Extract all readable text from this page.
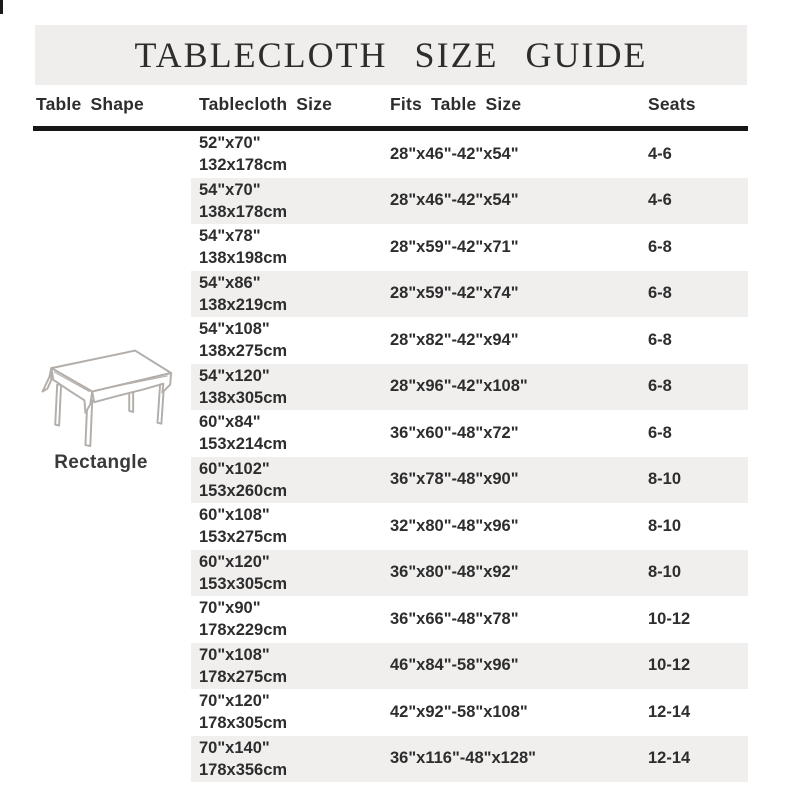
TABLECLOTH SIZE GUIDE
Table Shape	Tablecloth Size	Fits Table Size	Seats
52"x70"
132x178cm
28"x46"-42"x54"	4-6
54"x70"
138x178cm
28"x46"-42"x54"	4-6
54"x78"
138x198cm
28"x59"-42"x71"	6-8
54"x86"
138x219cm
28"x59"-42"x74"	6-8
54"x108"
138x275cm
28"x82"-42"x94"	6-8
54"x120"
138x305cm
28"x96"-42"x108"	6-8
60"x84"
153x214cm
36"x60"-48"x72"	6-8
60"x102"
153x260cm
36"x78"-48"x90"	8-10
60"x108"
153x275cm
32"x80"-48"x96"	8-10
60"x120"
153x305cm
36"x80"-48"x92"	8-10
70"x90"
178x229cm
36"x66"-48"x78"	10-12
70"x108"
178x275cm
46"x84"-58"x96"	10-12
70"x120"
178x305cm
42"x92"-58"x108"	12-14
70"x140"
178x356cm
36"x116"-48"x128"	12-14
Rectangle
